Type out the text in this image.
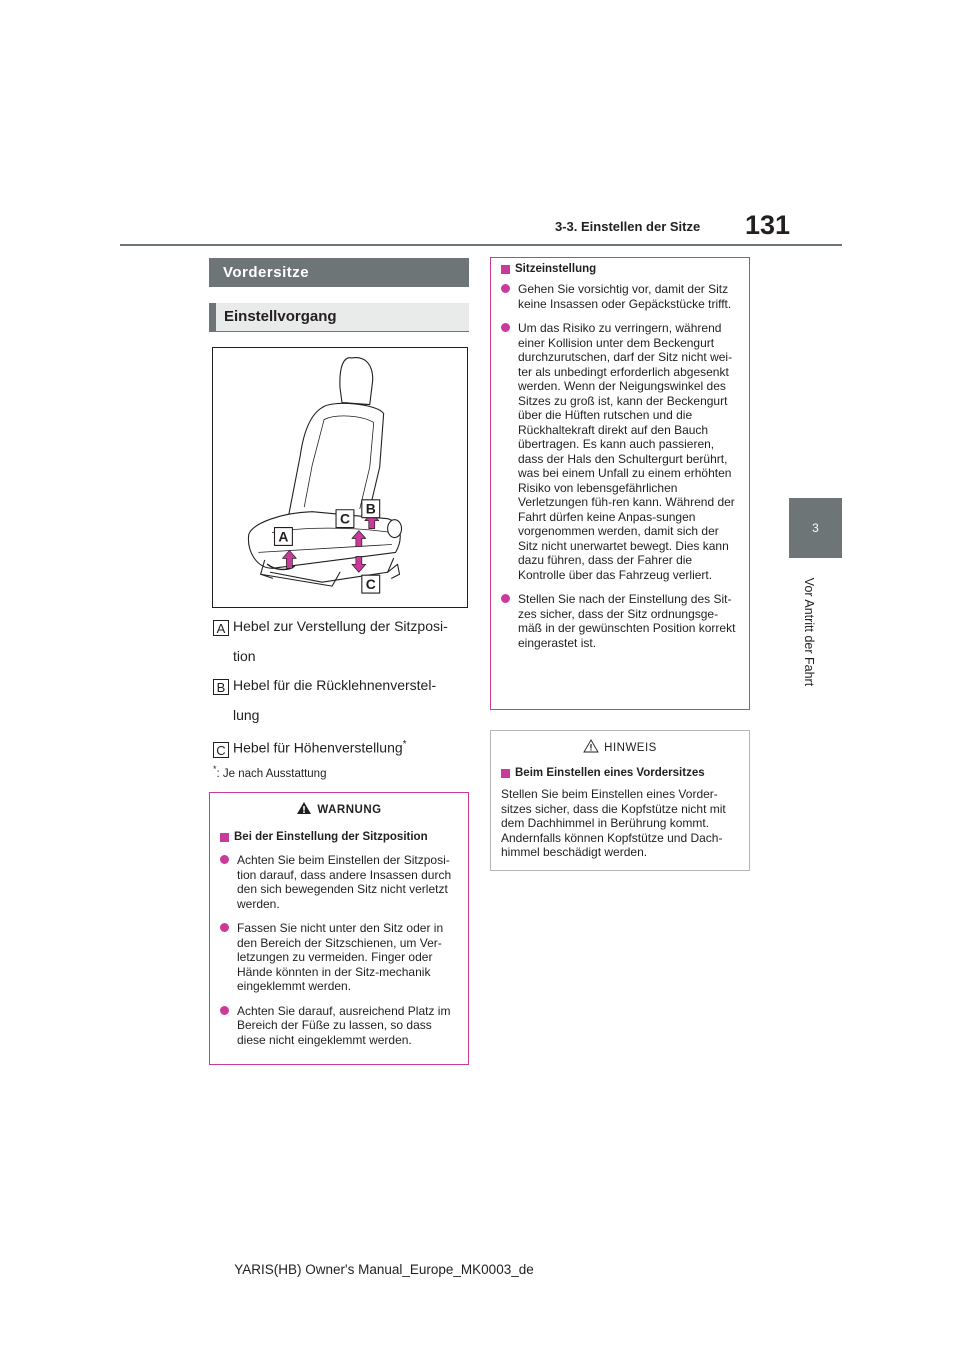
3-3. Einstellen der Sitze 131
3
Vor Antritt der Fahrt
Vordersitze
Einstellvorgang
A
B
C
C
A Hebel zur Verstellung der Sitzposi-
tion
B Hebel für die Rücklehnenverstel-
lung
C Hebel für Höhenverstellung*
*: Je nach Ausstattung
WARNUNG
Bei der Einstellung der Sitzposition
Achten Sie beim Einstellen der Sitzposi-tion darauf, dass andere Insassen durch den sich bewegenden Sitz nicht verletzt werden.
Fassen Sie nicht unter den Sitz oder in den Bereich der Sitzschienen, um Ver-letzungen zu vermeiden. Finger oder Hände könnten in der Sitz-mechanik eingeklemmt werden.
Achten Sie darauf, ausreichend Platz im Bereich der Füße zu lassen, so dass diese nicht eingeklemmt werden.
Sitzeinstellung
Gehen Sie vorsichtig vor, damit der Sitz keine Insassen oder Gepäckstücke trifft.
Um das Risiko zu verringern, während einer Kollision unter dem Beckengurt durchzurutschen, darf der Sitz nicht wei-ter als unbedingt erforderlich abgesenkt werden. Wenn der Neigungswinkel des Sitzes zu groß ist, kann der Beckengurt über die Hüften rutschen und die Rückhaltekraft direkt auf den Bauch übertragen. Es kann auch passieren, dass der Hals den Schultergurt berührt, was bei einem Unfall zu einem erhöhten Risiko von lebensgefährlichen Verletzungen füh-ren kann. Während der Fahrt dürfen keine Anpas-sungen vorgenommen werden, damit sich der Sitz nicht unerwartet bewegt. Dies kann dazu führen, dass der Fahrer die Kontrolle über das Fahrzeug verliert.
Stellen Sie nach der Einstellung des Sit-zes sicher, dass der Sitz ordnungsge-mäß in der gewünschten Position korrekt eingerastet ist.
HINWEIS
Beim Einstellen eines Vordersitzes
Stellen Sie beim Einstellen eines Vorder-sitzes sicher, dass die Kopfstütze nicht mit dem Dachhimmel in Berührung kommt. Andernfalls können Kopfstütze und Dach-himmel beschädigt werden.
YARIS(HB) Owner's Manual_Europe_MK0003_de
